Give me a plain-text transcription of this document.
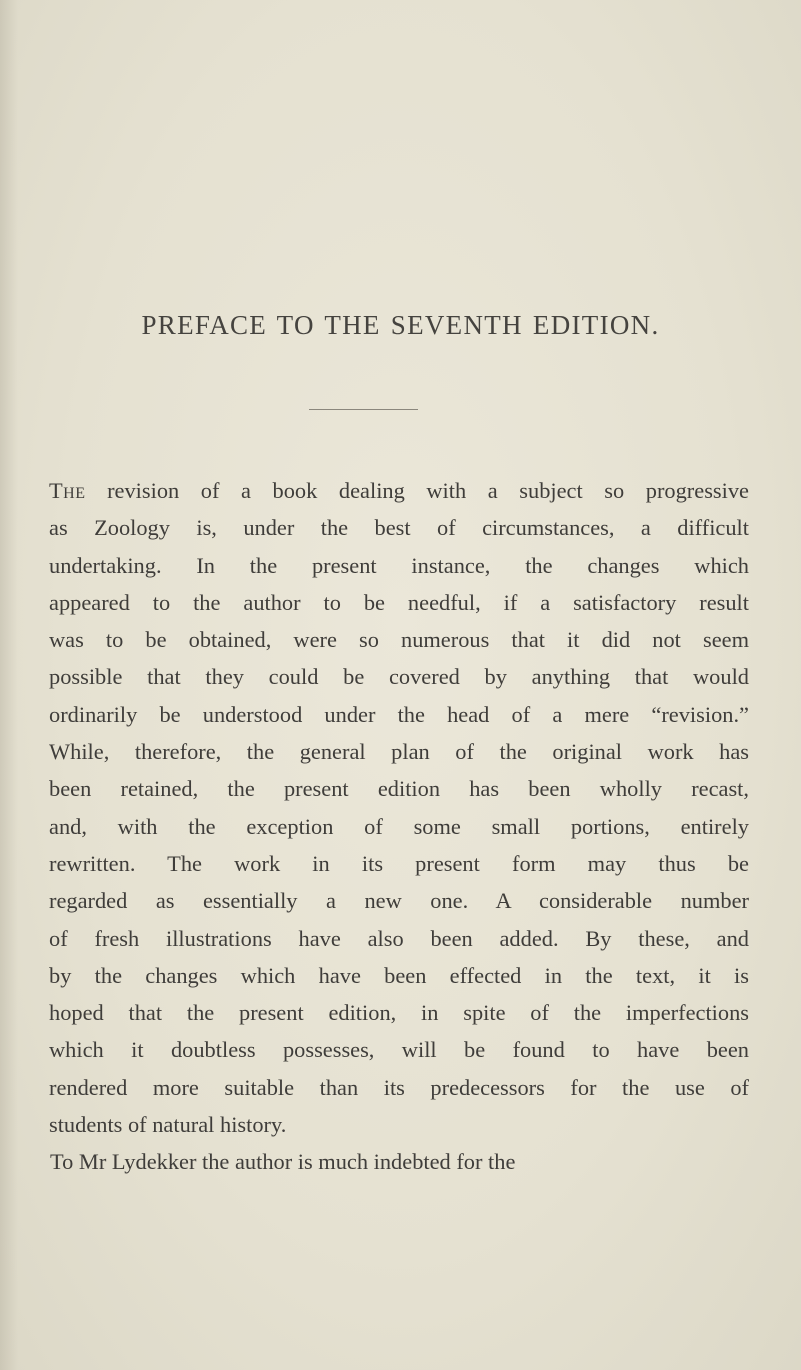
PREFACE TO THE SEVENTH EDITION.
The revision of a book dealing with a subject so progressive
as Zoology is, under the best of circumstances, a difficult
undertaking. In the present instance, the changes which
appeared to the author to be needful, if a satisfactory result
was to be obtained, were so numerous that it did not seem
possible that they could be covered by anything that would
ordinarily be understood under the head of a mere “revision.”
While, therefore, the general plan of the original work has
been retained, the present edition has been wholly recast,
and, with the exception of some small portions, entirely
rewritten. The work in its present form may thus be
regarded as essentially a new one. A considerable number
of fresh illustrations have also been added. By these, and
by the changes which have been effected in the text, it is
hoped that the present edition, in spite of the imperfections
which it doubtless possesses, will be found to have been
rendered more suitable than its predecessors for the use of
students of natural history.
To Mr Lydekker the author is much indebted for the
